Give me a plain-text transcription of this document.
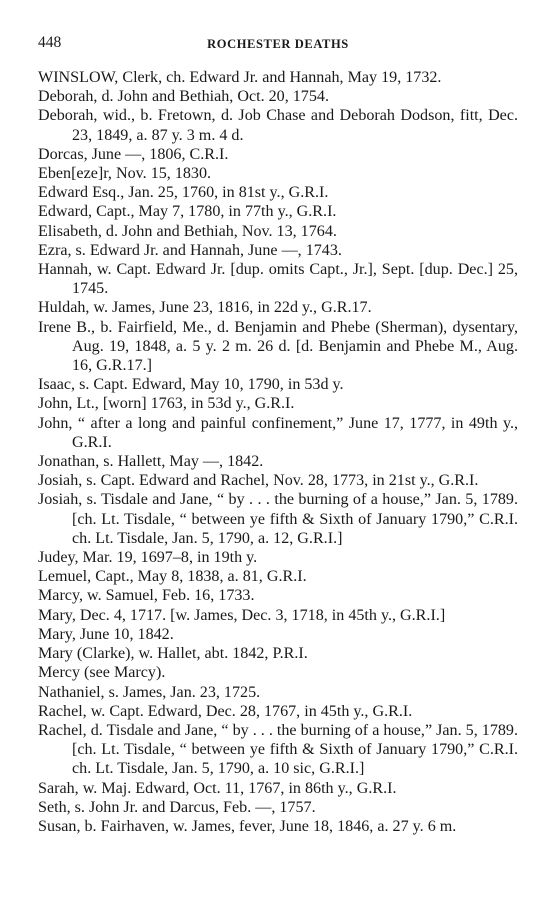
448	ROCHESTER DEATHS

WINSLOW, Clerk, ch. Edward Jr. and Hannah, May 19, 1732.

Deborah, d. John and Bethiah, Oct. 20, 1754.

Deborah, wid., b. Fretown, d. Job Chase and Deborah Dodson, fitt, Dec. 23, 1849, a. 87 y. 3 m. 4 d.

Dorcas, June —, 1806, C.R.I.

Eben[eze]r, Nov. 15, 1830.

Edward Esq., Jan. 25, 1760, in 81st y., G.R.I.

Edward, Capt., May 7, 1780, in 77th y., G.R.I.

Elisabeth, d. John and Bethiah, Nov. 13, 1764.

Ezra, s. Edward Jr. and Hannah, June —, 1743.

Hannah, w. Capt. Edward Jr. [dup. omits Capt., Jr.], Sept. [dup. Dec.] 25, 1745.

Huldah, w. James, June 23, 1816, in 22d y., G.R.17.

Irene B., b. Fairfield, Me., d. Benjamin and Phebe (Sherman), dysentary, Aug. 19, 1848, a. 5 y. 2 m. 26 d. [d. Benjamin and Phebe M., Aug. 16, G.R.17.]

Isaac, s. Capt. Edward, May 10, 1790, in 53d y.

John, Lt., [worn] 1763, in 53d y., G.R.I.

John, “ after a long and painful confinement,” June 17, 1777, in 49th y., G.R.I.

Jonathan, s. Hallett, May —, 1842.

Josiah, s. Capt. Edward and Rachel, Nov. 28, 1773, in 21st y., G.R.I.

Josiah, s. Tisdale and Jane, “ by . . . the burning of a house,” Jan. 5, 1789. [ch. Lt. Tisdale, “ between ye fifth & Sixth of January 1790,” C.R.I. ch. Lt. Tisdale, Jan. 5, 1790, a. 12, G.R.I.]

Judey, Mar. 19, 1697–8, in 19th y.

Lemuel, Capt., May 8, 1838, a. 81, G.R.I.

Marcy, w. Samuel, Feb. 16, 1733.

Mary, Dec. 4, 1717. [w. James, Dec. 3, 1718, in 45th y., G.R.I.]

Mary, June 10, 1842.

Mary (Clarke), w. Hallet, abt. 1842, P.R.I.

Mercy (see Marcy).

Nathaniel, s. James, Jan. 23, 1725.

Rachel, w. Capt. Edward, Dec. 28, 1767, in 45th y., G.R.I.

Rachel, d. Tisdale and Jane, “ by . . . the burning of a house,” Jan. 5, 1789. [ch. Lt. Tisdale, “ between ye fifth & Sixth of January 1790,” C.R.I. ch. Lt. Tisdale, Jan. 5, 1790, a. 10 sic, G.R.I.]

Sarah, w. Maj. Edward, Oct. 11, 1767, in 86th y., G.R.I.

Seth, s. John Jr. and Darcus, Feb. —, 1757.

Susan, b. Fairhaven, w. James, fever, June 18, 1846, a. 27 y. 6 m.
